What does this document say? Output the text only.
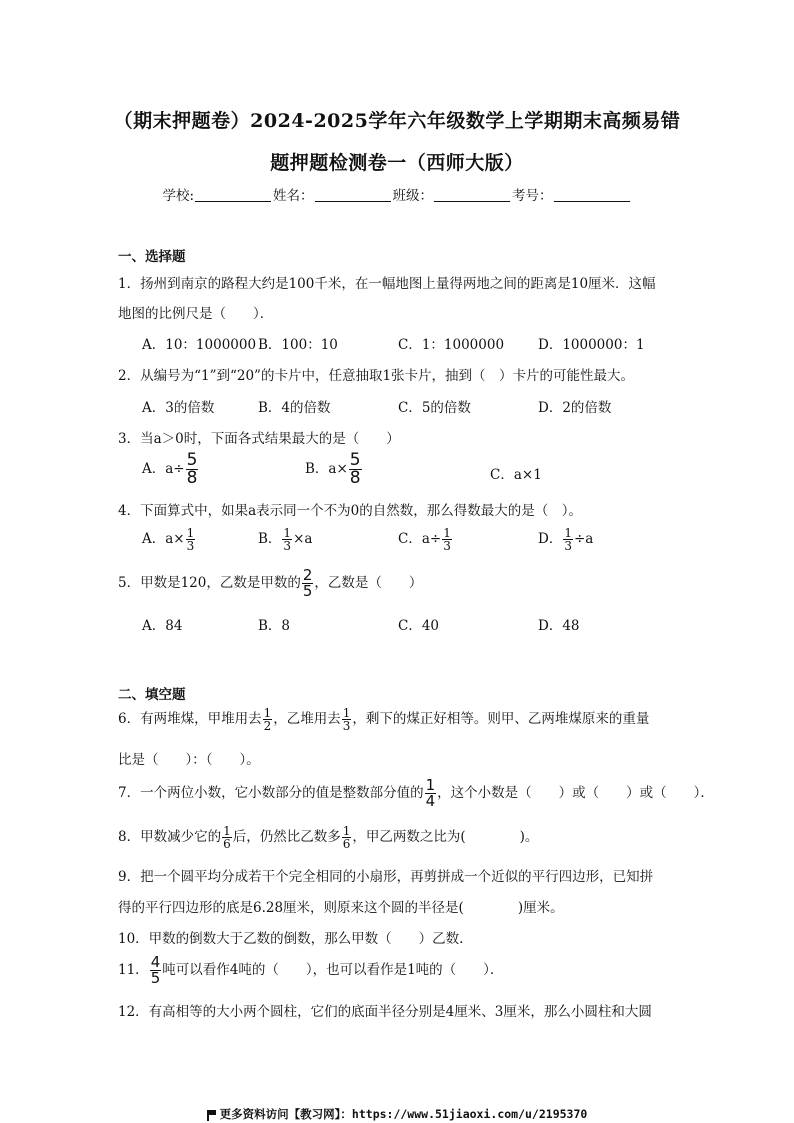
（期末押题卷）2024-2025学年六年级数学上学期期末高频易错
题押题检测卷一（西师大版）
学校:	姓名：	班级：	考号：
一、选择题
1．扬州到南京的路程大约是100千米，在一幅地图上量得两地之间的距离是10厘米．这幅
地图的比例尺是（　　）．
A．10：1000000 B．100：10	C．1：1000000	D．1000000：1
2．从编号为“1”到“20”的卡片中，任意抽取1张卡片，抽到（　）卡片的可能性最大。
A．3的倍数	B．4的倍数	C．5的倍数	D．2的倍数
3．当a＞0时，下面各式结果最大的是（　　）
A．$a\div \frac{5}{8}$	B．$a\times \frac{5}{8}$	C．a×1
4．下面算式中，如果a表示同一个不为0的自然数，那么得数最大的是（　）。
A．$a\times \frac{1}{3}$	B． $\frac{1}{3} \times a$	C．$a\div \frac{1}{3}$	D． $\frac{1}{3} \div a$
5．甲数是120，乙数是甲数的 $\frac{2}{5}$ ，乙数是（　　）
A．84	B．8	C．40	D．48
二、填空题
6．有两堆煤，甲堆用去 $\frac{1}{2}$ ，乙堆用去 $\frac{1}{3}$ ，剩下的煤正好相等。则甲、乙两堆煤原来的重量
比是（　　）：（　　）。
7．一个两位小数，它小数部分的值是整数部分值的 $\frac{1}{4}$ ，这个小数是（　　）或（　　）或（　　）．
8．甲数减少它的 $\frac{1}{6}$ 后，仍然比乙数多 $\frac{1}{6}$ ，甲乙两数之比为(　　　　)。
9．把一个圆平均分成若干个完全相同的小扇形，再剪拼成一个近似的平行四边形，已知拼
得的平行四边形的底是6.28厘米，则原来这个圆的半径是(　　　　)厘米。
10．甲数的倒数大于乙数的倒数，那么甲数（　　）乙数.
11． $\frac{4}{5}$ 吨可以看作4吨的（　　），也可以看作是1吨的（　　）．
12．有高相等的大小两个圆柱，它们的底面半径分别是4厘米、3厘米，那么小圆柱和大圆
更多资料访问【教习网】：https://www.51jiaoxi.com/u/2195370
